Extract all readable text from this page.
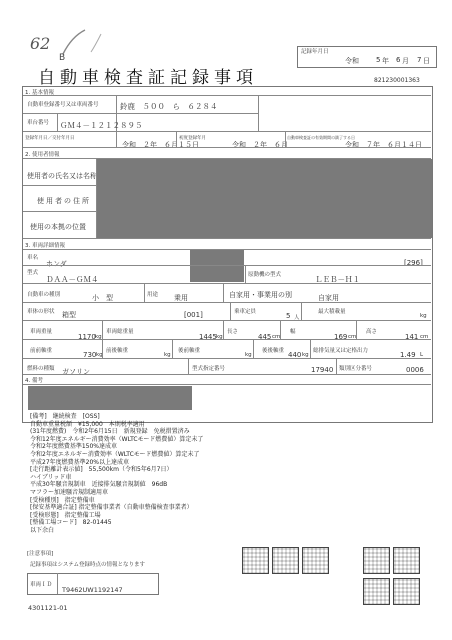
62
B
記録年月日
令和 5 年 6 月 7 日
自動車検査証記録事項	821230001363
1. 基本情報
自動車登録番号又は車両番号	鈴鹿　５００　ら　６２８４
車台番号 ＧＭ４－１２１２８９５
登録年月日／交付年月日
令和　２年　６月１５日
初度登録年月
令和　２年　６月
自動車検査証の有効期間の満了する日
令和　７年　６月１４日
2. 使用者情報
使用者の氏名又は名称
使用者の住所
使用の本拠の位置
3. 車両詳細情報
車名
ホンダ	[296]
型式
ＤＡＡ－ＧＭ４	原動機の型式	ＬＥＢ－Ｈ１
自動車の種別	小　型	用途 乗用	自家用・事業用の別	自家用
車体の形状 箱型	[001]	乗車定員	5 人
最大積載量
kg
車両重量
1170 kg
車両総重量
1445 kg
長さ
445 cm
幅
169 cm
高さ
141 cm
前前軸重	730 kg
前後軸重
kg
後前軸重
kg
後後軸重 440 kg
総排気量又は定格出力	1.49 L
燃料の種類 ガソリン	型式指定番号	17940 類別区分番号	0006
4. 備考
[備考]　継続検査　[OSS]
自動車重量税額　¥15,000　本則税率適用
(31年度燃費)　令和2年6月15日　新規登録　免税措置済み
令和12年度エネルギー消費効率（WLTCモード燃費値）算定未了
令和2年度燃費基準150%達成車
令和2年度エネルギー消費効率（WLTCモード燃費値）算定未了
平成27年度燃費基準20%以上達成車
[走行距離計表示値]　55,500km（令和5年6月7日）
ハイブリッド車
平成30年騒音規制車　近接排気騒音規制値　96dB
マフラー加速騒音規制適用車
[受検種別]　指定整備車
[保安基準適合証] 指定整備事業者（自動車整備検査事業者）
[受検形態]　指定整備工場
[整備工場コード]　82-01445
以下余白
[注意事項]
記録事項はシステム登録時点の情報となります
車両ＩＤ
T9462UW1192147
4301121-01
